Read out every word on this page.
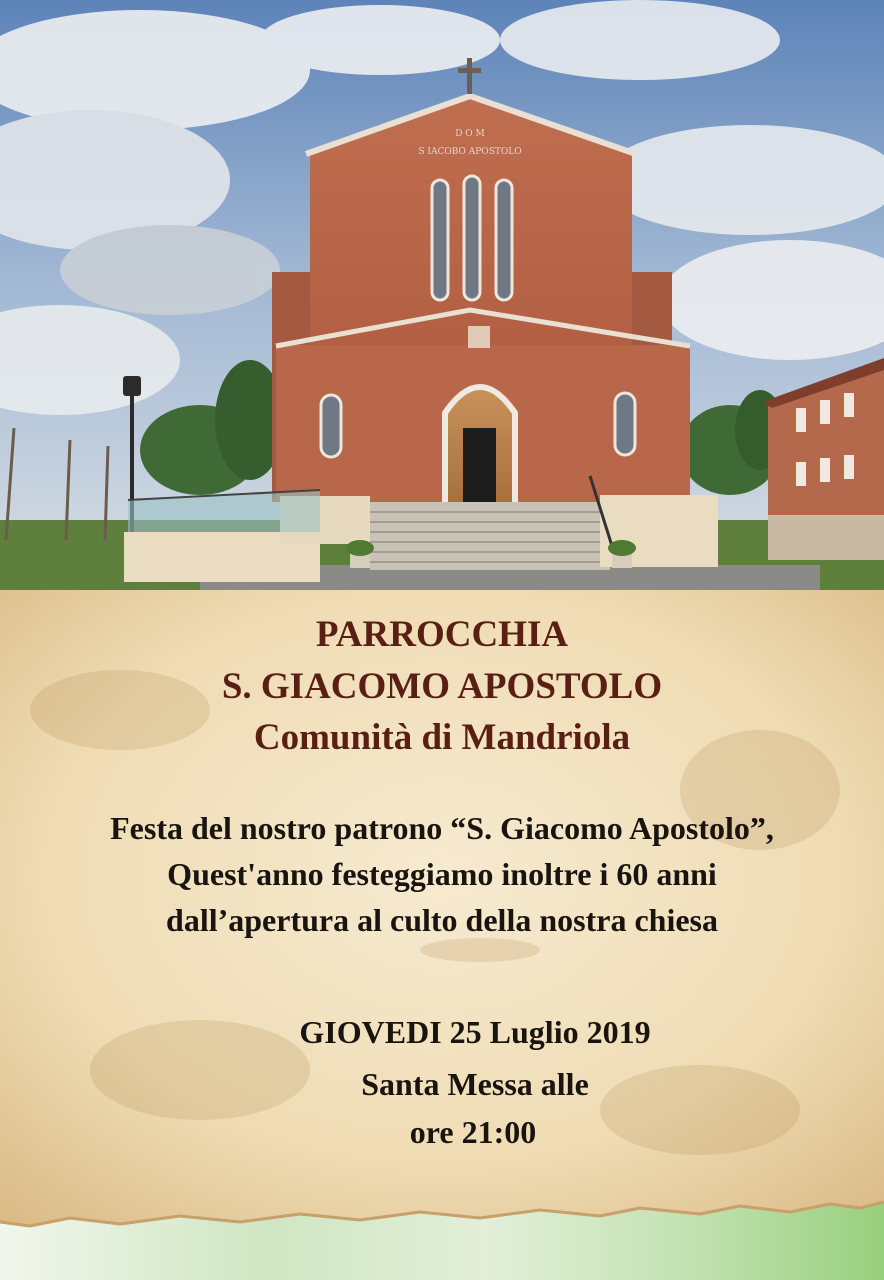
D O M
S IACOBO APOSTOLO
PARROCCHIA
S. GIACOMO APOSTOLO
Comunità di Mandriola
Festa del nostro patrono “S. Giacomo Apostolo”,
Quest'anno festeggiamo inoltre i 60 anni
dall’apertura al culto della nostra chiesa
GIOVEDI 25 Luglio 2019
Santa Messa alle
ore 21:00
